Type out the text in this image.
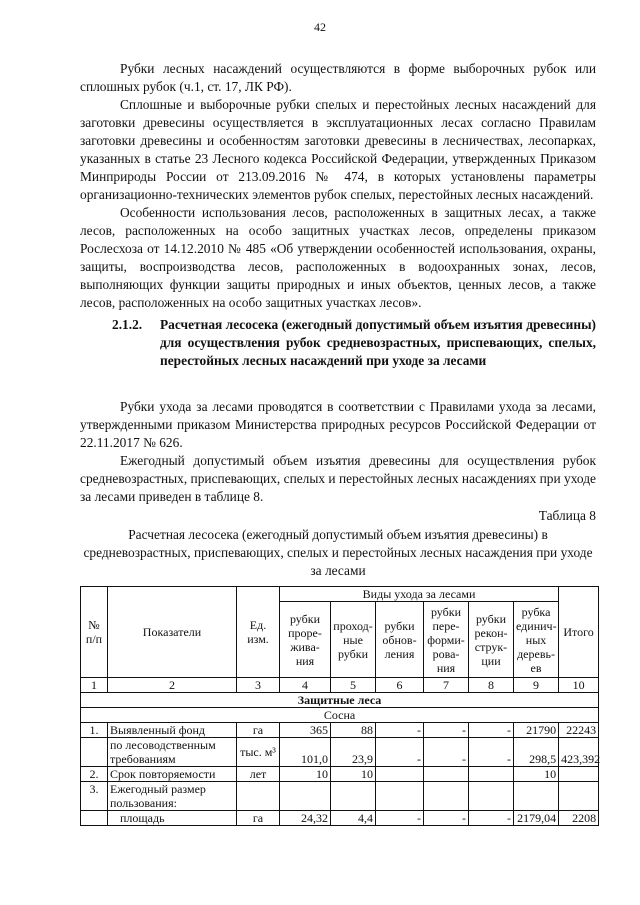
42

Рубки лесных насаждений осуществляются в форме выборочных рубок или сплошных рубок (ч.1, ст. 17, ЛК РФ).

Сплошные и выборочные рубки спелых и перестойных лесных насаждений для заготовки древесины осуществляется в эксплуатационных лесах согласно Правилам заготовки древесины и особенностям заготовки древесины в лесничествах, лесопарках, указанных в статье 23 Лесного кодекса Российской Федерации, утвержденных Приказом Минприроды России от 213.09.2016 № 474, в которых установлены параметры организационно-технических элементов рубок спелых, перестойных лесных насаждений.

Особенности использования лесов, расположенных в защитных лесах, а также лесов, расположенных на особо защитных участках лесов, определены приказом Рослесхоза от 14.12.2010 № 485 «Об утверждении особенностей использования, охраны, защиты, воспроизводства лесов, расположенных в водоохранных зонах, лесов, выполняющих функции защиты природных и иных объектов, ценных лесов, а также лесов, расположенных на особо защитных участках лесов».

2.1.2. Расчетная лесосека (ежегодный допустимый объем изъятия древесины) для осуществления рубок средневозрастных, приспевающих, спелых, перестойных лесных насаждений при уходе за лесами

Рубки ухода за лесами проводятся в соответствии с Правилами ухода за лесами, утвержденными приказом Министерства природных ресурсов Российской Федерации от 22.11.2017 № 626.

Ежегодный допустимый объем изъятия древесины для осуществления рубок средневозрастных, приспевающих, спелых и перестойных лесных насаждениях при уходе за лесами приведен в таблице 8.

Таблица 8
Расчетная лесосека (ежегодный допустимый объем изъятия древесины) в средневозрастных, приспевающих, спелых и перестойных лесных насаждения при уходе за лесами
№ п/п	Показатели	Ед. изм.	Виды ухода за лесами						Итого
			рубки проре-жива-ния	проход-ные рубки	рубки обнов-ления	рубки пере-форми-рова-ния	рубки рекон-струк-ции	рубка единич-ных деревь-ев	
1	2	3	4	5	6	7	8	9	10
Защитные леса									
Сосна									
1.	Выявленный фонд	га	365	88	-	-	-	21790	22243
	по лесоводственным требованиям	тыс. м³	101,0	23,9	-	-	-	298,5	423,392
2.	Срок повторяемости	лет	10	10				10	
3.	Ежегодный размер пользования:								
	площадь	га	24,32	4,4	-	-	-	2179,04	2208
